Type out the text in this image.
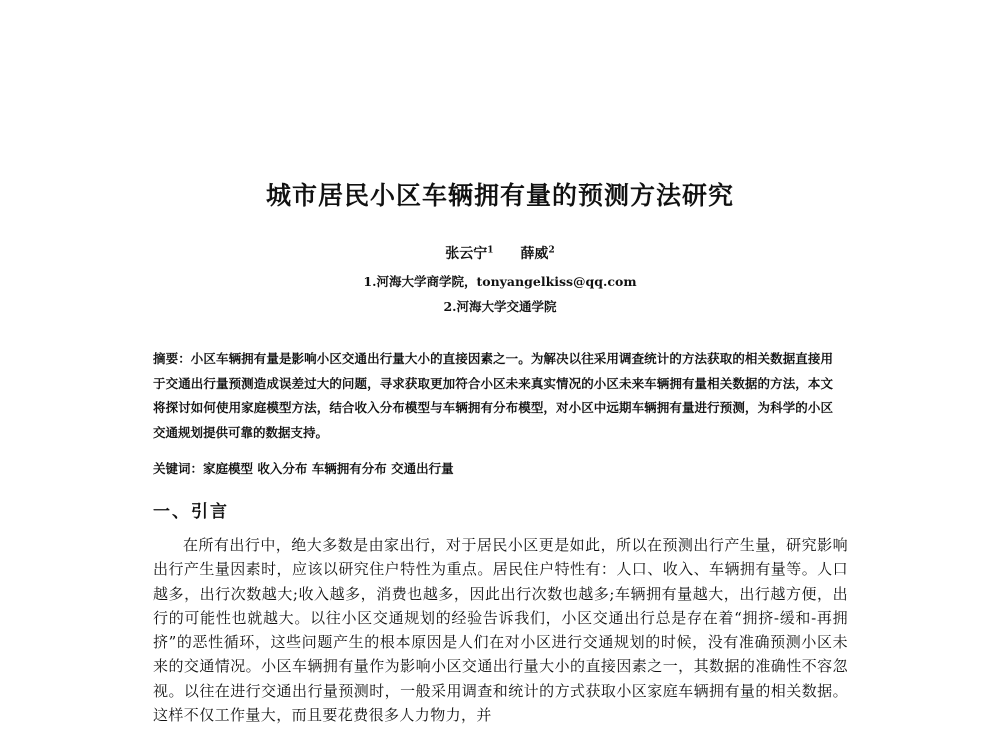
城市居民小区车辆拥有量的预测方法研究
张云宁$^1$ 薛威$^2$
1.河海大学商学院，tonyangelkiss@qq.com
2.河海大学交通学院
摘要：小区车辆拥有量是影响小区交通出行量大小的直接因素之一。为解决以往采用调查统计的方法获取的相关数据直接用于交通出行量预测造成误差过大的问题，寻求获取更加符合小区未来真实情况的小区未来车辆拥有量相关数据的方法，本文将探讨如何使用家庭模型方法，结合收入分布模型与车辆拥有分布模型，对小区中远期车辆拥有量进行预测，为科学的小区交通规划提供可靠的数据支持。
关键词：家庭模型 收入分布 车辆拥有分布 交通出行量
一、引言
在所有出行中，绝大多数是由家出行，对于居民小区更是如此，所以在预测出行产生量，研究影响出行产生量因素时，应该以研究住户特性为重点。居民住户特性有：人口、收入、车辆拥有量等。人口越多，出行次数越大;收入越多，消费也越多，因此出行次数也越多;车辆拥有量越大，出行越方便，出行的可能性也就越大。以往小区交通规划的经验告诉我们，小区交通出行总是存在着“拥挤-缓和-再拥挤”的恶性循环，这些问题产生的根本原因是人们在对小区进行交通规划的时候，没有准确预测小区未来的交通情况。小区车辆拥有量作为影响小区交通出行量大小的直接因素之一，其数据的准确性不容忽视。以往在进行交通出行量预测时，一般采用调查和统计的方式获取小区家庭车辆拥有量的相关数据。这样不仅工作量大，而且要花费很多人力物力，并
